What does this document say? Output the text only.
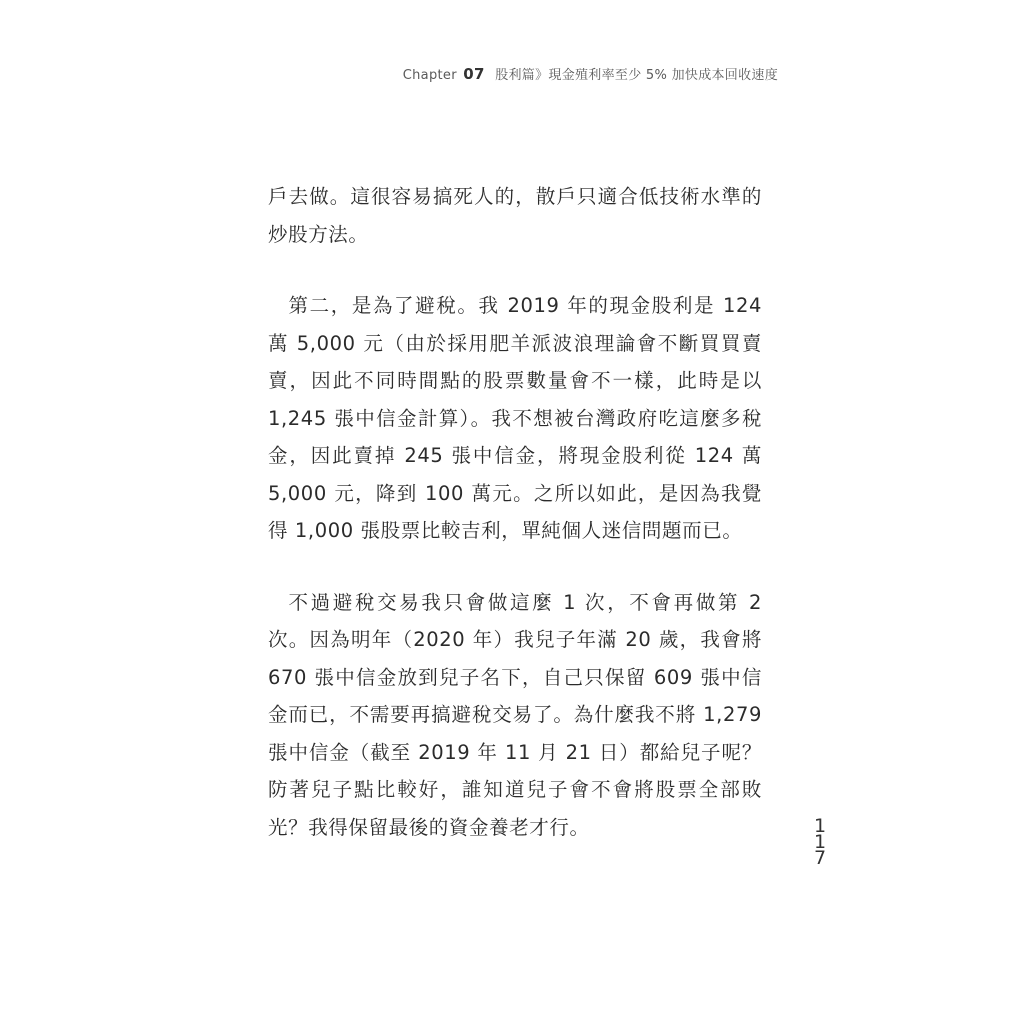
Chapter 07 股利篇》現金殖利率至少 5% 加快成本回收速度

戶去做。這很容易搞死人的，散戶只適合低技術水準的炒股方法。

第二，是為了避稅。我 2019 年的現金股利是 124 萬 5,000 元（由於採用肥羊派波浪理論會不斷買買賣賣，因此不同時間點的股票數量會不一樣，此時是以 1,245 張中信金計算）。我不想被台灣政府吃這麼多稅金，因此賣掉 245 張中信金，將現金股利從 124 萬 5,000 元，降到 100 萬元。之所以如此，是因為我覺得 1,000 張股票比較吉利，單純個人迷信問題而已。

不過避稅交易我只會做這麼 1 次，不會再做第 2 次。因為明年（2020 年）我兒子年滿 20 歲，我會將 670 張中信金放到兒子名下，自己只保留 609 張中信金而已，不需要再搞避稅交易了。為什麼我不將 1,279 張中信金（截至 2019 年 11 月 21 日）都給兒子呢？防著兒子點比較好，誰知道兒子會不會將股票全部敗光？我得保留最後的資金養老才行。	1
1
7
